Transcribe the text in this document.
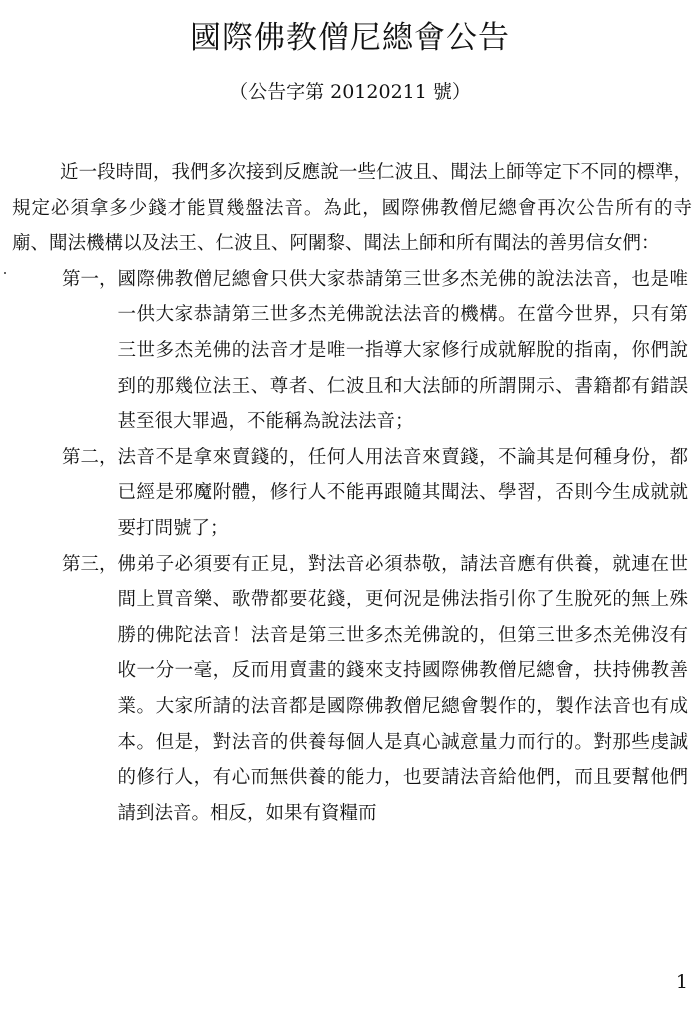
國際佛教僧尼總會公告

（公告字第 20120211 號）

近一段時間，我們多次接到反應說一些仁波且、聞法上師等定下不同的標準，規定必須拿多少錢才能買幾盤法音。為此，國際佛教僧尼總會再次公告所有的寺廟、聞法機構以及法王、仁波且、阿闍黎、聞法上師和所有聞法的善男信女們：

第一， 國際佛教僧尼總會只供大家恭請第三世多杰羌佛的說法法音，也是唯一供大家恭請第三世多杰羌佛說法法音的機構。在當今世界，只有第三世多杰羌佛的法音才是唯一指導大家修行成就解脫的指南，你們說到的那幾位法王、尊者、仁波且和大法師的所謂開示、書籍都有錯誤甚至很大罪過，不能稱為說法法音；
第二， 法音不是拿來賣錢的，任何人用法音來賣錢，不論其是何種身份，都已經是邪魔附體，修行人不能再跟隨其聞法、學習，否則今生成就就要打問號了；
第三， 佛弟子必須要有正見，對法音必須恭敬，請法音應有供養，就連在世間上買音樂、歌帶都要花錢，更何況是佛法指引你了生脫死的無上殊勝的佛陀法音！法音是第三世多杰羌佛說的，但第三世多杰羌佛沒有收一分一毫，反而用賣畫的錢來支持國際佛教僧尼總會，扶持佛教善業。大家所請的法音都是國際佛教僧尼總會製作的，製作法音也有成本。但是，對法音的供養每個人是真心誠意量力而行的。對那些虔誠的修行人，有心而無供養的能力，也要請法音給他們，而且要幫他們請到法音。相反，如果有資糧而

1
